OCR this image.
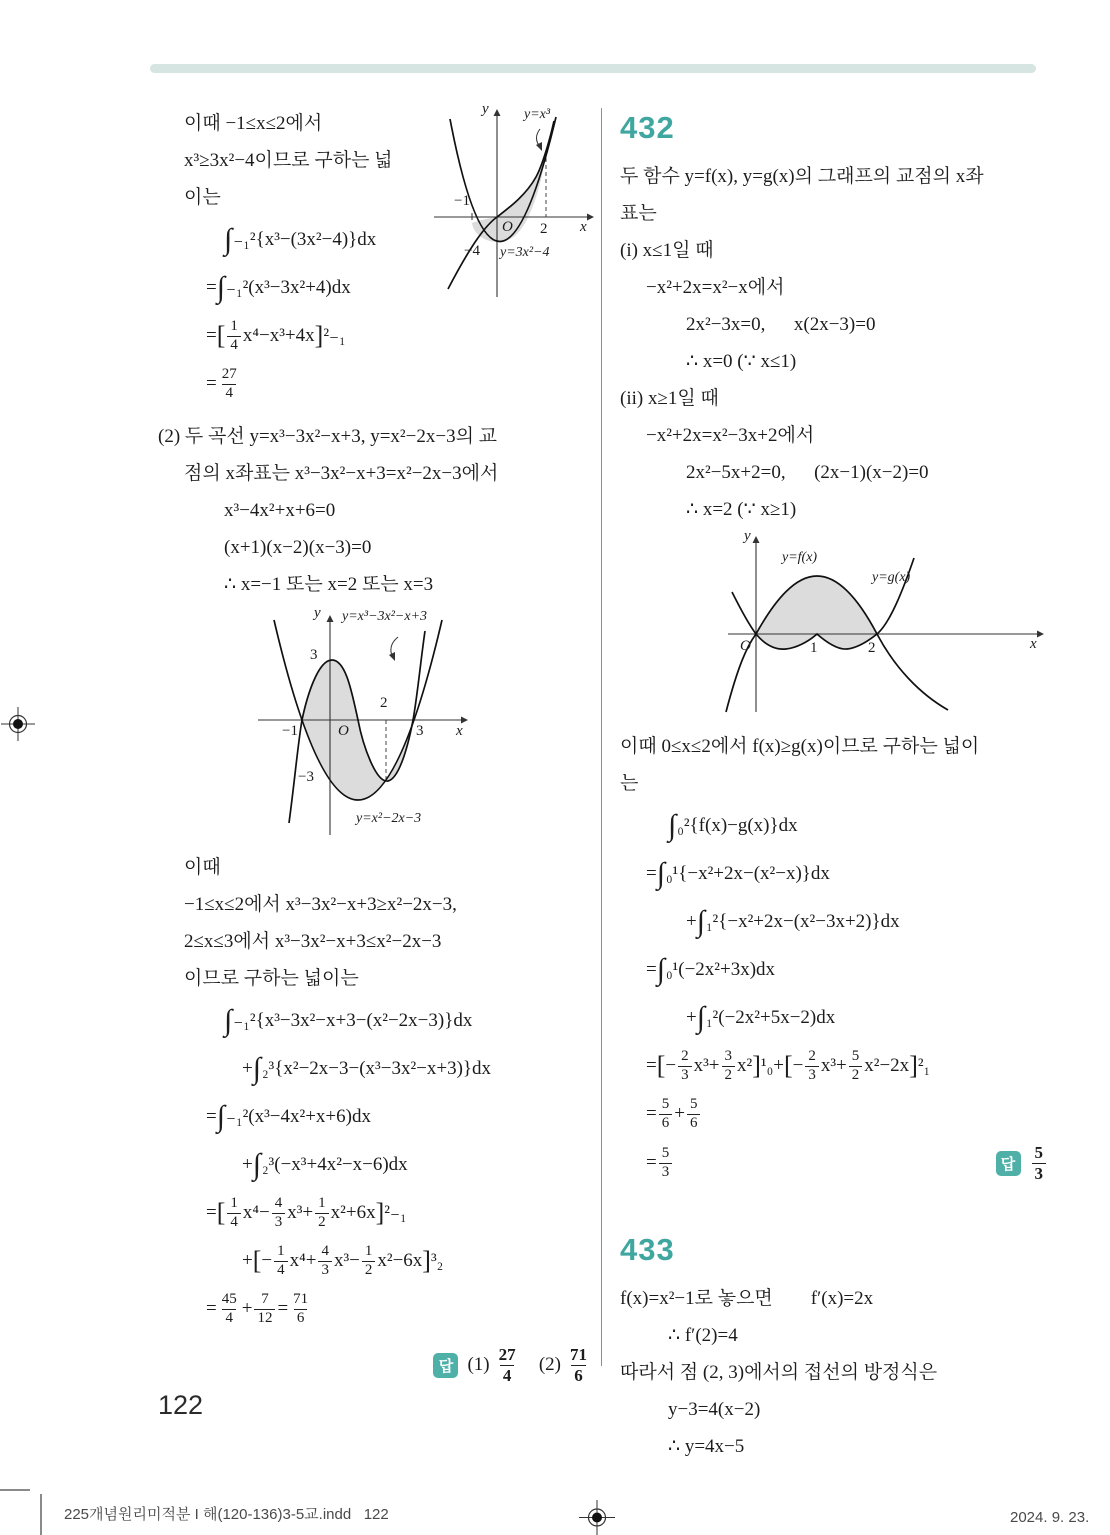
이때 −1≤x≤2에서
x³≥3x²−4이므로 구하는 넓
이는
y	y=x³
−1
O 2 x
−4 y=3x²−4
∫ ₋₁²{x³−(3x²−4)}dx
= ∫ ₋₁²(x³−3x²+4)dx
= [ $\frac{1}{4} x^4-x^3+4x$ ] ²₋₁
= $\frac{27}{4}$
(2) 두 곡선 y=x³−3x²−x+3, y=x²−2x−3의 교
점의 x좌표는 x³−3x²−x+3=x²−2x−3에서
x³−4x²+x+6=0
(x+1)(x−2)(x−3)=0
∴ x=−1 또는 x=2 또는 x=3
y y=x³−3x²−x+3
3
−1	O
2
3 x
−3
y=x²−2x−3
이때
−1≤x≤2에서 x³−3x²−x+3≥x²−2x−3,
2≤x≤3에서 x³−3x²−x+3≤x²−2x−3
이므로 구하는 넓이는
∫ ₋₁²{x³−3x²−x+3−(x²−2x−3)}dx
+ ∫ ₂³{x²−2x−3−(x³−3x²−x+3)}dx
= ∫ ₋₁²(x³−4x²+x+6)dx
+ ∫ ₂³(−x³+4x²−x−6)dx
= [ $\frac{1}{4} x^4- \frac{4}{3} x^3+ \frac{1}{2} x^2+6x$ ] ²₋₁
+ [ − $\frac{1}{4} x^4+ \frac{4}{3} x^3- \frac{1}{2} x^2-6x$ ] ³₂
= $\frac{45}{4} + \frac{7}{12} = \frac{71}{6}$
답 $(1) \frac{27}{4}$   $(2) \frac{71}{6}$
432
두 함수 y=f(x), y=g(x)의 그래프의 교점의 x좌
표는
(i) x≤1일 때
−x²+2x=x²−x에서
2x²−3x=0,  x(2x−3)=0
∴ x=0 (∵ x≤1)
(ii) x≥1일 때
−x²+2x=x²−3x+2에서
2x²−5x+2=0,  (2x−1)(x−2)=0
∴ x=2 (∵ x≥1)
y
y=f(x)
y=g(x)
O	1	2	x
이때 0≤x≤2에서 f(x)≥g(x)이므로 구하는 넓이
는
∫ ₀²{f(x)−g(x)}dx
= ∫ ₀¹{−x²+2x−(x²−x)}dx
+ ∫ ₁²{−x²+2x−(x²−3x+2)}dx
= ∫ ₀¹(−2x²+3x)dx
+ ∫ ₁²(−2x²+5x−2)dx
= [ − $\frac{2}{3} x^3+ \frac{3}{2} x^2$ ] ¹₀+ [ − $\frac{2}{3} x^3+ \frac{5}{2} x^2-2x$ ] ²₁
= $\frac{5}{6} + \frac{5}{6}$
= $\frac{5}{3}$	답 $\frac{5}{3}$
433
f(x)=x²−1로 놓으면  f′(x)=2x
∴ f′(2)=4
따라서 점 (2, 3)에서의 접선의 방정식은
y−3=4(x−2)
∴ y=4x−5
122
225개념원리미적분 I 해(120-136)3-5교.indd   122	2024. 9. 23.
